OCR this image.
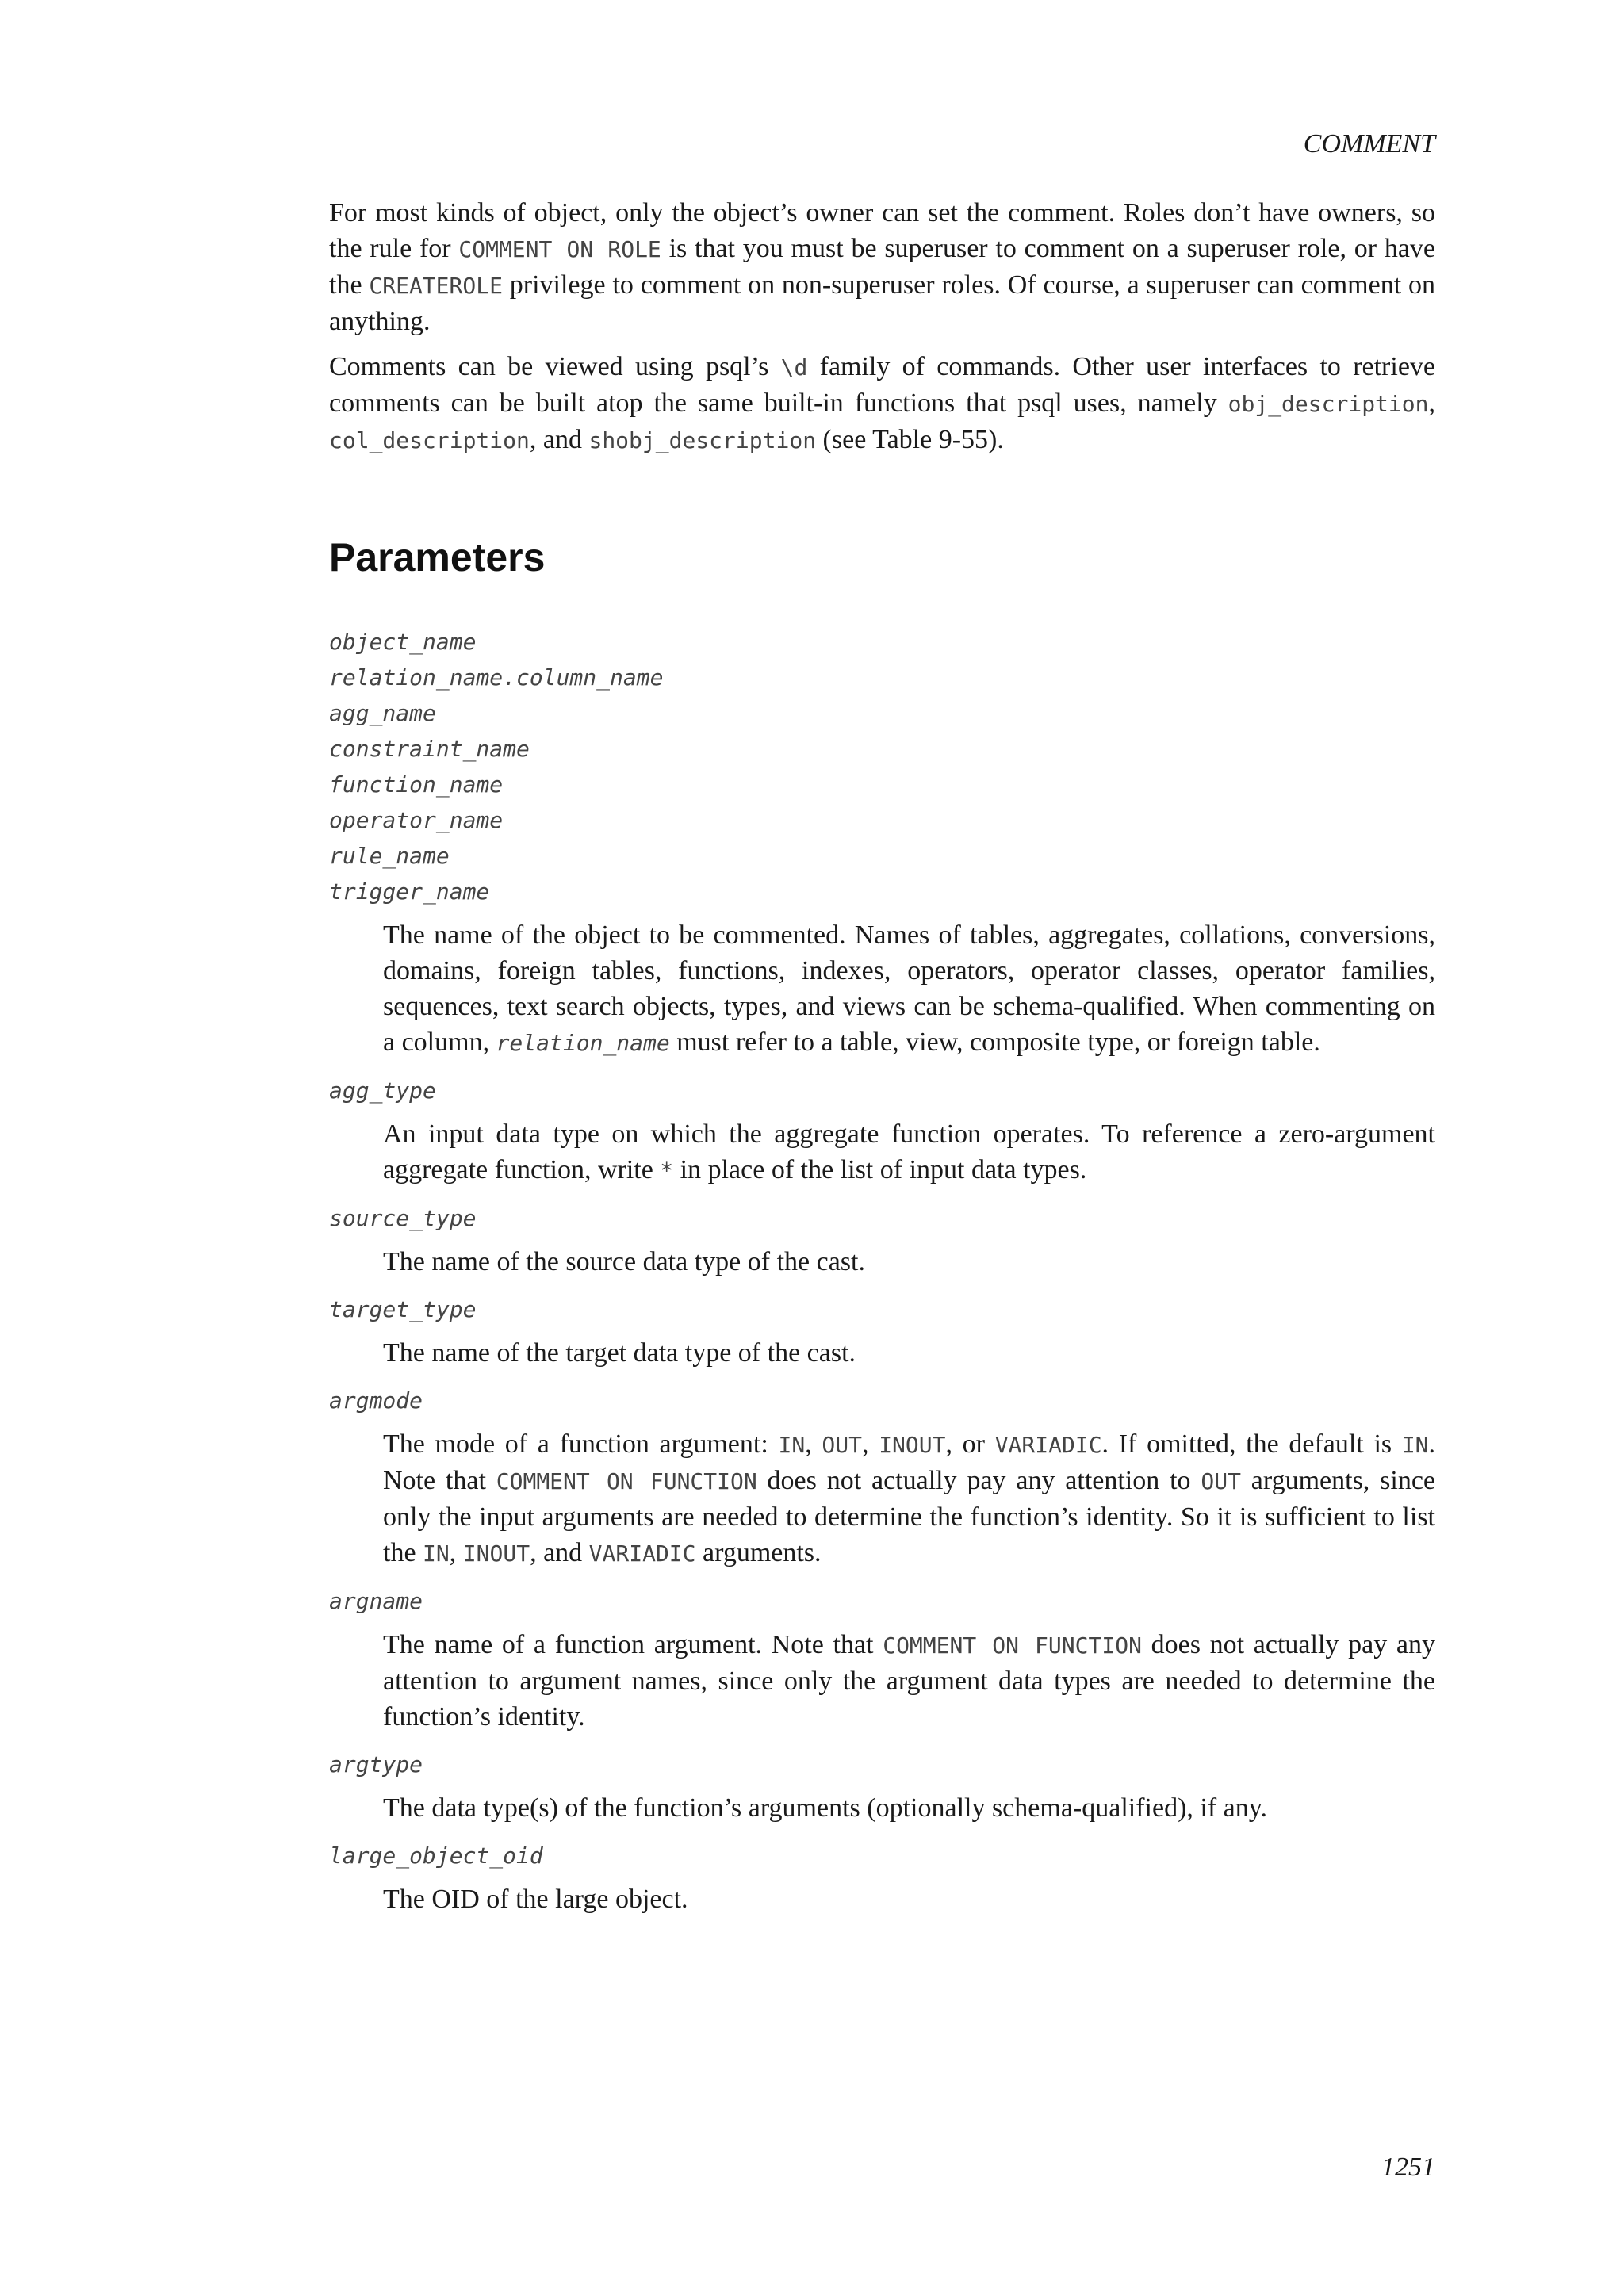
COMMENT

For most kinds of object, only the object’s owner can set the comment. Roles don’t have owners, so the rule for COMMENT ON ROLE is that you must be superuser to comment on a superuser role, or have the CREATEROLE privilege to comment on non-superuser roles. Of course, a superuser can comment on anything.

Comments can be viewed using psql’s \d family of commands. Other user interfaces to retrieve comments can be built atop the same built-in functions that psql uses, namely obj_description, col_description, and shobj_description (see Table 9-55).

Parameters
object_name
relation_name.column_name
agg_name
constraint_name
function_name
operator_name
rule_name
trigger_name

The name of the object to be commented. Names of tables, aggregates, collations, conversions, domains, foreign tables, functions, indexes, operators, operator classes, operator families, sequences, text search objects, types, and views can be schema-qualified. When commenting on a column, relation_name must refer to a table, view, composite type, or foreign table.

agg_type

An input data type on which the aggregate function operates. To reference a zero-argument aggregate function, write * in place of the list of input data types.

source_type

The name of the source data type of the cast.

target_type

The name of the target data type of the cast.

argmode

The mode of a function argument: IN, OUT, INOUT, or VARIADIC. If omitted, the default is IN. Note that COMMENT ON FUNCTION does not actually pay any attention to OUT arguments, since only the input arguments are needed to determine the function’s identity. So it is sufficient to list the IN, INOUT, and VARIADIC arguments.

argname

The name of a function argument. Note that COMMENT ON FUNCTION does not actually pay any attention to argument names, since only the argument data types are needed to determine the function’s identity.

argtype

The data type(s) of the function’s arguments (optionally schema-qualified), if any.

large_object_oid

The OID of the large object.

1251
